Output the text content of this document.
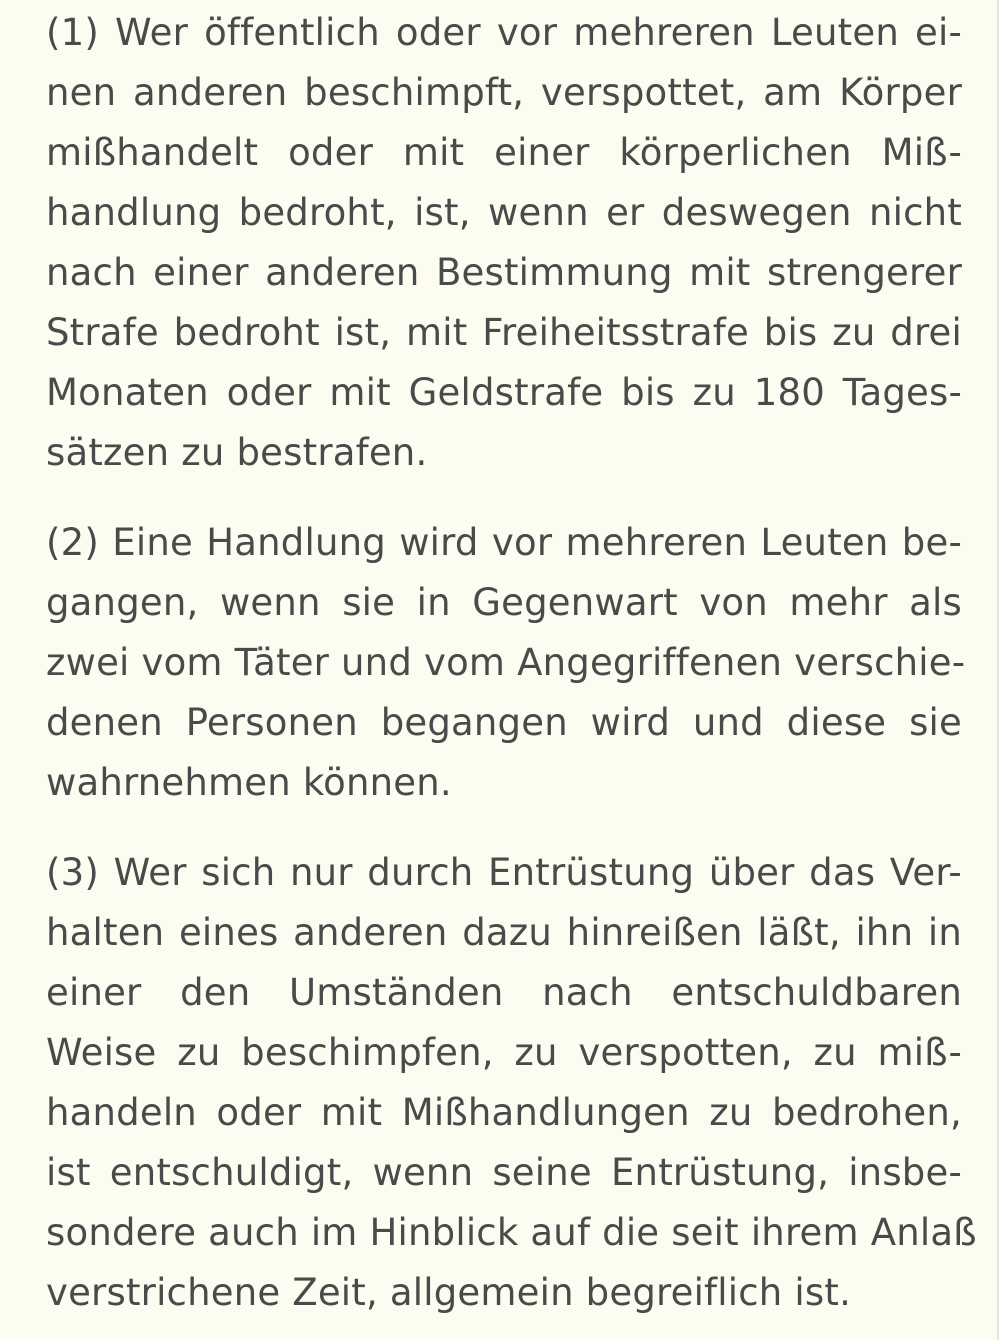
(1) Wer öffentlich oder vor mehreren Leuten ei-
nen anderen beschimpft, verspottet, am Körper
mißhandelt oder mit einer körperlichen Miß-
handlung bedroht, ist, wenn er deswegen nicht
nach einer anderen Bestimmung mit strengerer
Strafe bedroht ist, mit Freiheitsstrafe bis zu drei
Monaten oder mit Geldstrafe bis zu 180 Tages-
sätzen zu bestrafen.

(2) Eine Handlung wird vor mehreren Leuten be-
gangen, wenn sie in Gegenwart von mehr als
zwei vom Täter und vom Angegriffenen verschie-
denen Personen begangen wird und diese sie
wahrnehmen können.

(3) Wer sich nur durch Entrüstung über das Ver-
halten eines anderen dazu hinreißen läßt, ihn in
einer den Umständen nach entschuldbaren
Weise zu beschimpfen, zu verspotten, zu miß-
handeln oder mit Mißhandlungen zu bedrohen,
ist entschuldigt, wenn seine Entrüstung, insbe-
sondere auch im Hinblick auf die seit ihrem Anlaß
verstrichene Zeit, allgemein begreiflich ist.
